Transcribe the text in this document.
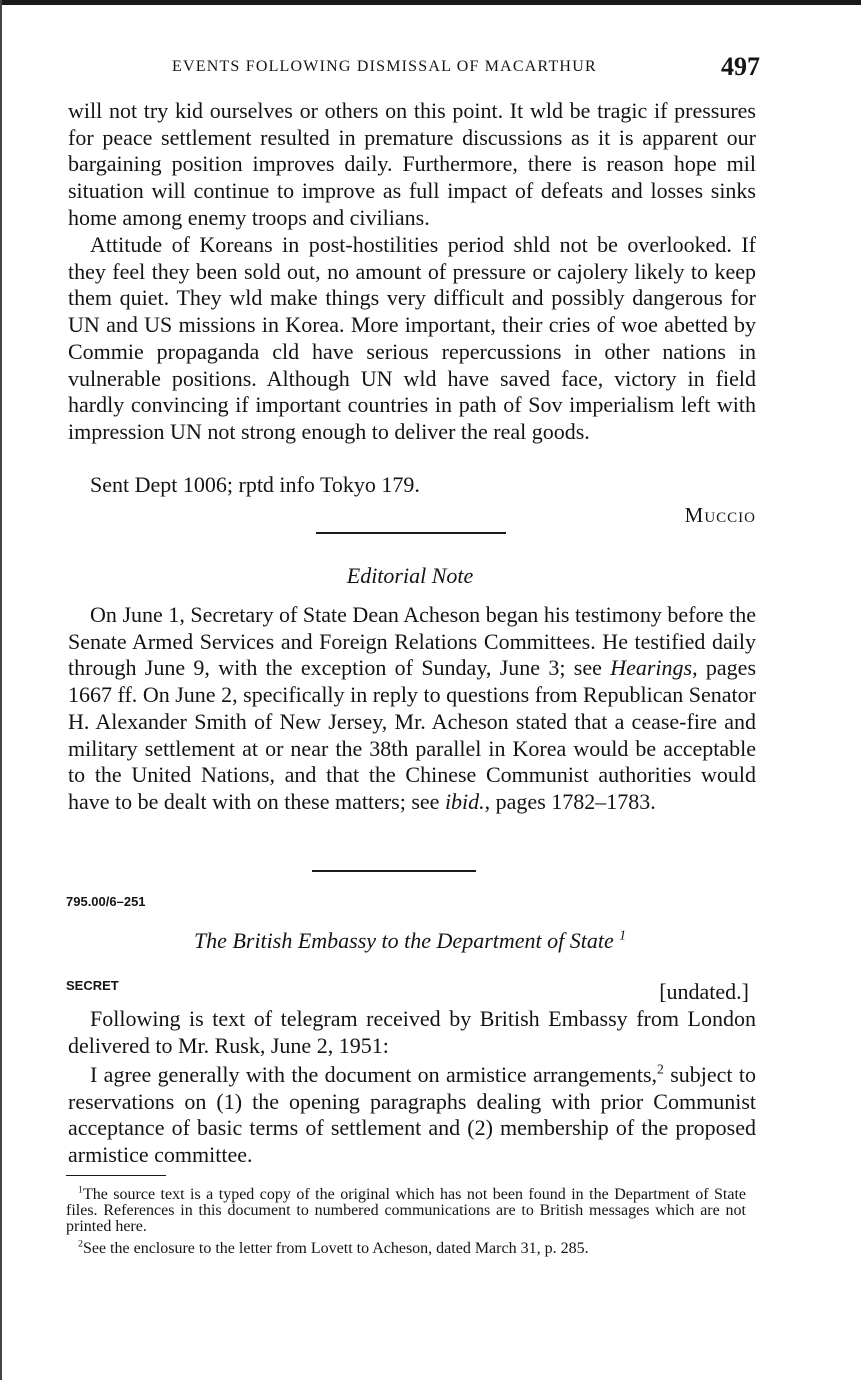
EVENTS FOLLOWING DISMISSAL OF MACARTHUR	497

will not try kid ourselves or others on this point. It wld be tragic if pressures for peace settlement resulted in premature discussions as it is apparent our bargaining position improves daily. Furthermore, there is reason hope mil situation will continue to improve as full impact of defeats and losses sinks home among enemy troops and civilians.

Attitude of Koreans in post-hostilities period shld not be overlooked. If they feel they been sold out, no amount of pressure or cajolery likely to keep them quiet. They wld make things very difficult and possibly dangerous for UN and US missions in Korea. More important, their cries of woe abetted by Commie propaganda cld have serious repercussions in other nations in vulnerable positions. Although UN wld have saved face, victory in field hardly convincing if important countries in path of Sov imperialism left with impression UN not strong enough to deliver the real goods.

Sent Dept 1006; rptd info Tokyo 179.

Muccio
Editorial Note

On June 1, Secretary of State Dean Acheson began his testimony before the Senate Armed Services and Foreign Relations Committees. He testified daily through June 9, with the exception of Sunday, June 3; see Hearings, pages 1667 ff. On June 2, specifically in reply to questions from Republican Senator H. Alexander Smith of New Jersey, Mr. Acheson stated that a cease-fire and military settlement at or near the 38th parallel in Korea would be acceptable to the United Nations, and that the Chinese Communist authorities would have to be dealt with on these matters; see ibid., pages 1782–1783.

795.00/6–251
The British Embassy to the Department of State $^1$
SECRET	[undated.]

Following is text of telegram received by British Embassy from London delivered to Mr. Rusk, June 2, 1951:

I agree generally with the document on armistice arrangements,$^2$ subject to reservations on (1) the opening paragraphs dealing with prior Communist acceptance of basic terms of settlement and (2) membership of the proposed armistice committee.

$^1$The source text is a typed copy of the original which has not been found in the Department of State files. References in this document to numbered communications are to British messages which are not printed here.

$^2$See the enclosure to the letter from Lovett to Acheson, dated March 31, p. 285.
